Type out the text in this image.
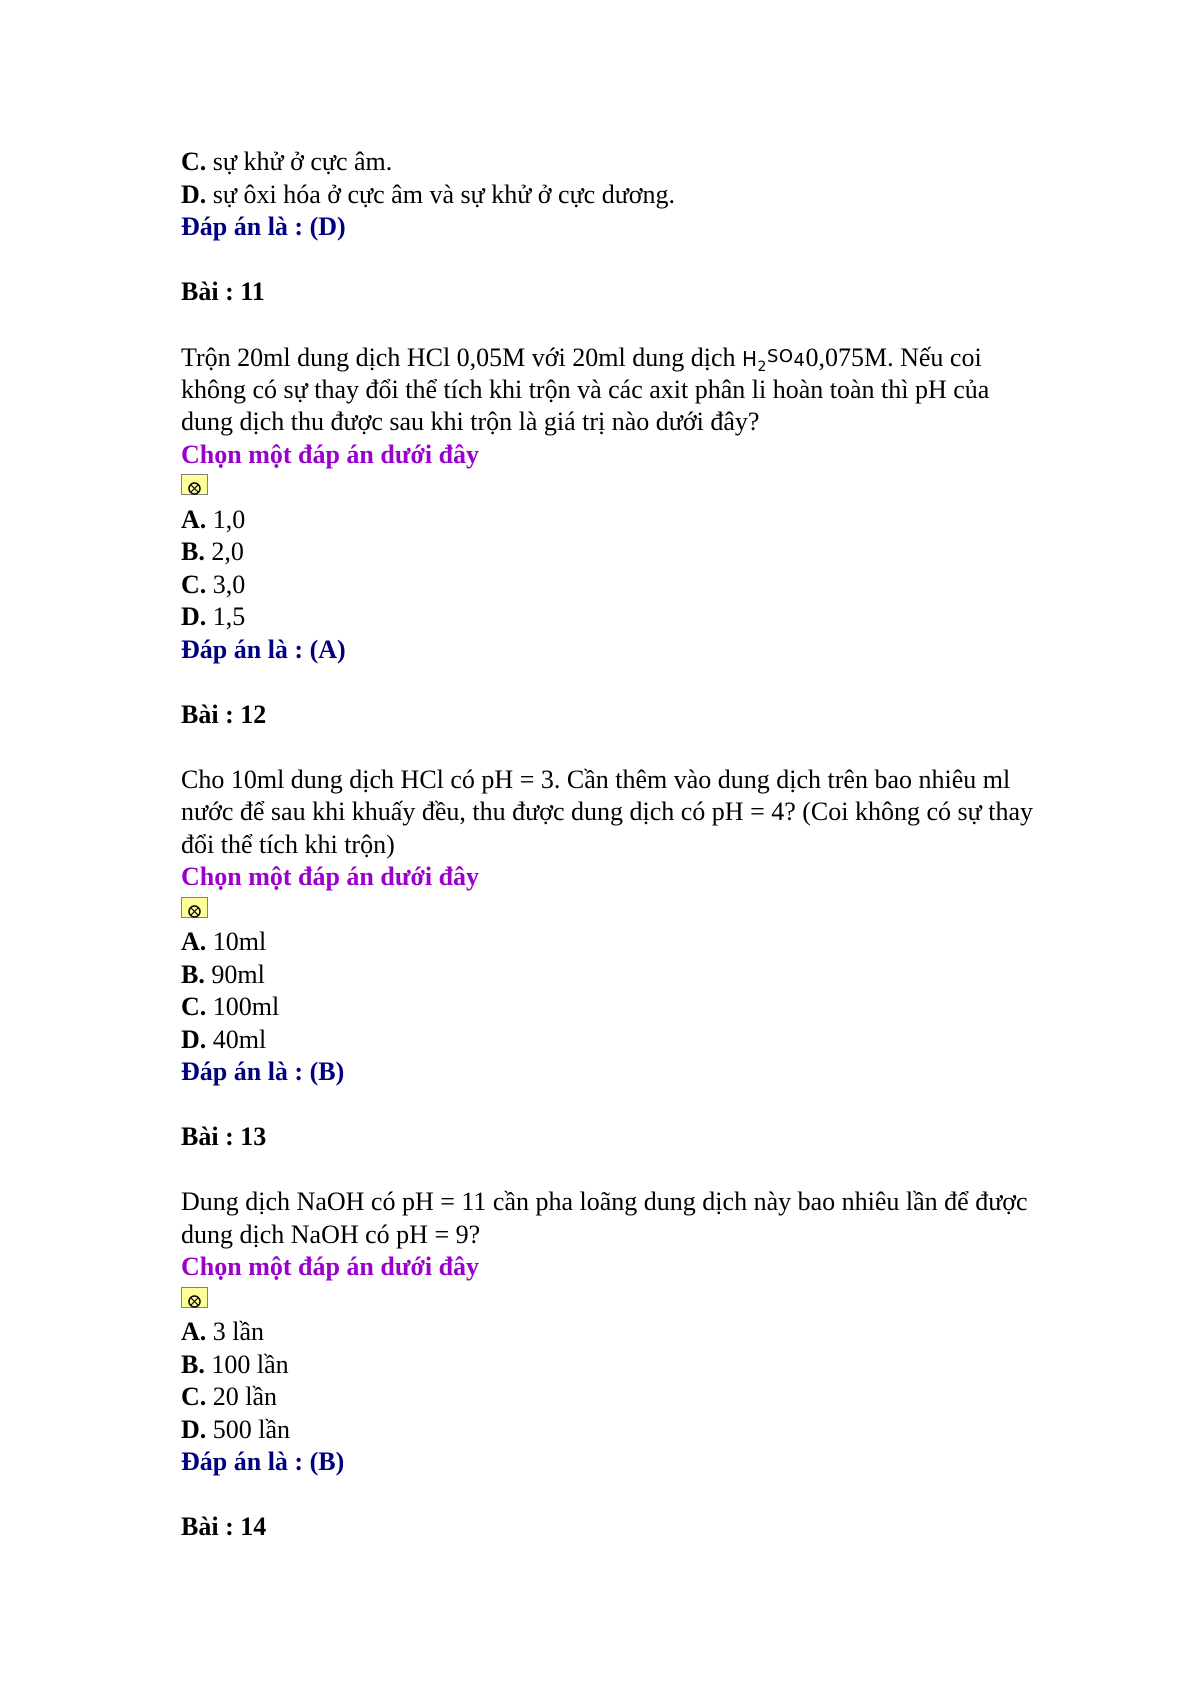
C. sự khử ở cực âm.
D. sự ôxi hóa ở cực âm và sự khử ở cực dương.
Đáp án là : (D)
Bài : 11
Trộn 20ml dung dịch HCl 0,05M với 20ml dung dịch $H_2^{SO}40,075M$. Nếu coi
không có sự thay đổi thể tích khi trộn và các axit phân li hoàn toàn thì pH của
dung dịch thu được sau khi trộn là giá trị nào dưới đây?
Chọn một đáp án dưới đây
A. 1,0
B. 2,0
C. 3,0
D. 1,5
Đáp án là : (A)
Bài : 12
Cho 10ml dung dịch HCl có pH = 3. Cần thêm vào dung dịch trên bao nhiêu ml
nước để sau khi khuấy đều, thu được dung dịch có pH = 4? (Coi không có sự thay
đổi thể tích khi trộn)
Chọn một đáp án dưới đây
A. 10ml
B. 90ml
C. 100ml
D. 40ml
Đáp án là : (B)
Bài : 13
Dung dịch NaOH có pH = 11 cần pha loãng dung dịch này bao nhiêu lần để được
dung dịch NaOH có pH = 9?
Chọn một đáp án dưới đây
A. 3 lần
B. 100 lần
C. 20 lần
D. 500 lần
Đáp án là : (B)
Bài : 14
